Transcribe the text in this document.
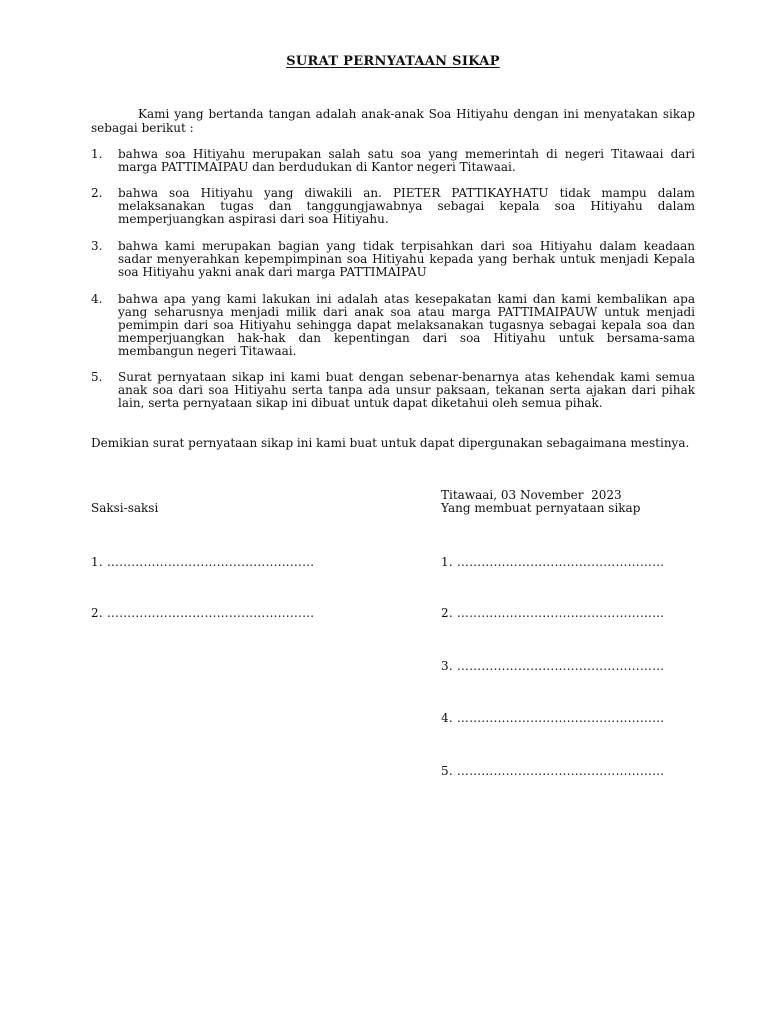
SURAT PERNYATAAN SIKAP

Kami yang bertanda tangan adalah anak-anak Soa Hitiyahu dengan ini menyatakan sikap sebagai berikut :

1.	bahwa soa Hitiyahu merupakan salah satu soa yang memerintah di negeri Titawaai dari marga PATTIMAIPAU dan berdudukan di Kantor negeri Titawaai.
2.	bahwa soa Hitiyahu yang diwakili an. PIETER PATTIKAYHATU tidak mampu dalam melaksanakan tugas dan tanggungjawabnya sebagai kepala soa Hitiyahu dalam memperjuangkan aspirasi dari soa Hitiyahu.
3.	bahwa kami merupakan bagian yang tidak terpisahkan dari soa Hitiyahu dalam keadaan sadar menyerahkan kepempimpinan soa Hitiyahu kepada yang berhak untuk menjadi Kepala soa Hitiyahu yakni anak dari marga PATTIMAIPAU
4.	bahwa apa yang kami lakukan ini adalah atas kesepakatan kami dan kami kembalikan apa yang seharusnya menjadi milik dari anak soa atau marga PATTIMAIPAUW untuk menjadi pemimpin dari soa Hitiyahu sehingga dapat melaksanakan tugasnya sebagai kepala soa dan memperjuangkan hak-hak dan kepentingan dari soa Hitiyahu untuk bersama-sama membangun negeri Titawaai.
5.	Surat pernyataan sikap ini kami buat dengan sebenar-benarnya atas kehendak kami semua anak soa dari soa Hitiyahu serta tanpa ada unsur paksaan, tekanan serta ajakan dari pihak lain, serta pernyataan sikap ini dibuat untuk dapat diketahui oleh semua pihak.

Demikian surat pernyataan sikap ini kami buat untuk dapat dipergunakan sebagaimana mestinya.

Titawaai, 03 November  2023
Saksi-saksi	Yang membuat pernyataan sikap
1. ……………………………………………
2. ……………………………………………
1. ……………………………………………
2. ……………………………………………
3. ……………………………………………
4. ……………………………………………
5. ……………………………………………
